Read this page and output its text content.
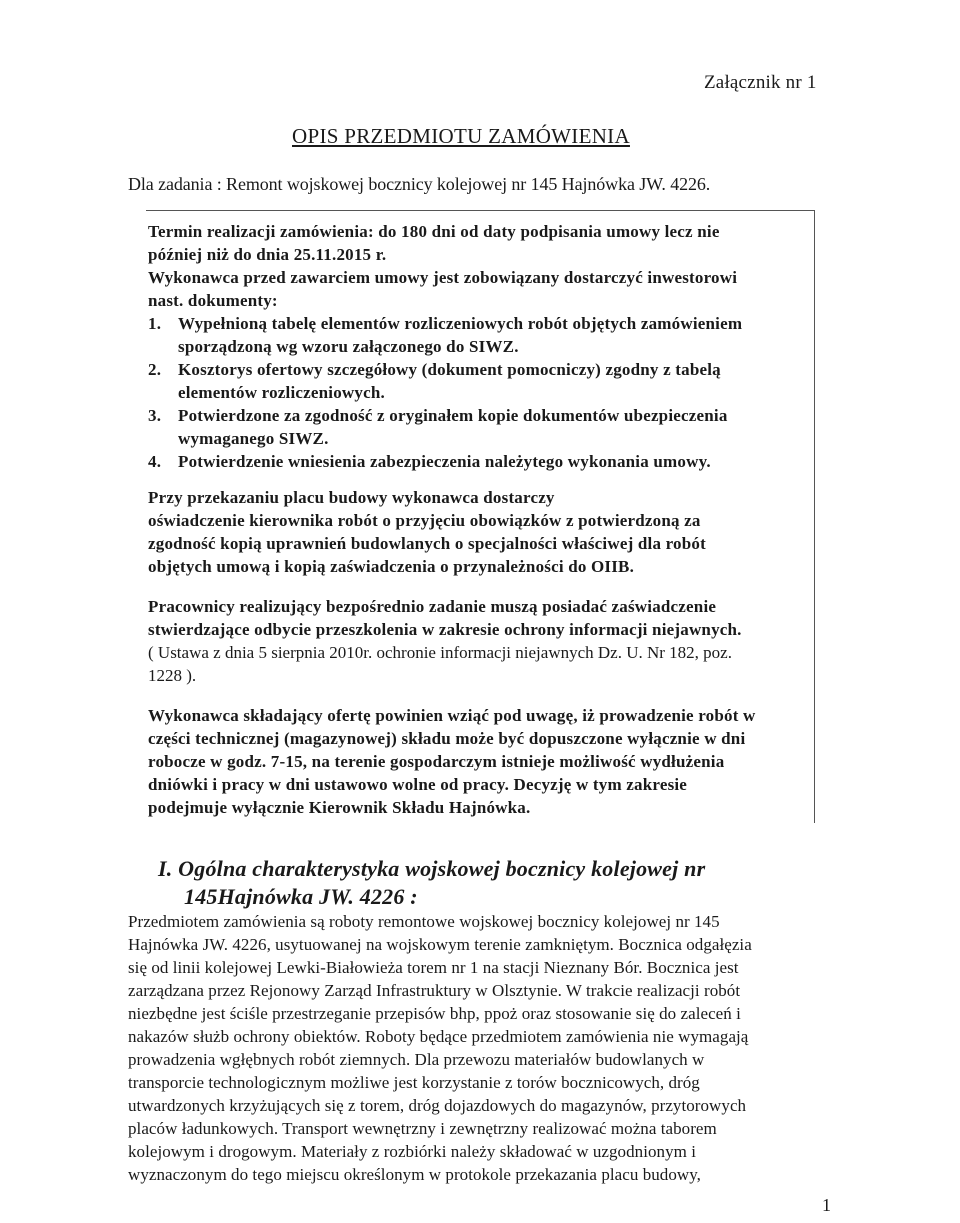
Załącznik nr 1
OPIS PRZEDMIOTU ZAMÓWIENIA
Dla zadania : Remont wojskowej bocznicy kolejowej nr 145 Hajnówka JW. 4226.
Termin realizacji zamówienia: do 180 dni od daty podpisania umowy lecz nie
później niż do dnia 25.11.2015 r.
Wykonawca przed zawarciem umowy jest zobowiązany dostarczyć inwestorowi
nast. dokumenty:
1. Wypełnioną tabelę elementów rozliczeniowych robót objętych zamówieniem
sporządzoną wg wzoru załączonego do SIWZ.
2. Kosztorys ofertowy szczegółowy (dokument pomocniczy) zgodny z tabelą
elementów rozliczeniowych.
3. Potwierdzone za zgodność z oryginałem kopie dokumentów ubezpieczenia
wymaganego SIWZ.
4. Potwierdzenie wniesienia zabezpieczenia należytego wykonania umowy.
Przy przekazaniu placu budowy wykonawca dostarczy
oświadczenie kierownika robót o przyjęciu obowiązków z potwierdzoną za
zgodność kopią uprawnień budowlanych o specjalności właściwej dla robót
objętych umową i kopią zaświadczenia o przynależności do OIIB.
Pracownicy realizujący bezpośrednio zadanie muszą posiadać zaświadczenie
stwierdzające odbycie przeszkolenia w zakresie ochrony informacji niejawnych.
( Ustawa z dnia 5 sierpnia 2010r. ochronie informacji niejawnych Dz. U. Nr 182, poz.
1228 ).
Wykonawca składający ofertę powinien wziąć pod uwagę, iż prowadzenie robót w
części technicznej (magazynowej) składu może być dopuszczone wyłącznie w dni
robocze w godz. 7-15, na terenie gospodarczym istnieje możliwość wydłużenia
dniówki i pracy w dni ustawowo wolne od pracy. Decyzję w tym zakresie
podejmuje wyłącznie Kierownik Składu Hajnówka.
I. Ogólna charakterystyka wojskowej bocznicy kolejowej nr
145Hajnówka JW. 4226 :
Przedmiotem zamówienia są roboty remontowe wojskowej bocznicy kolejowej nr 145
Hajnówka JW. 4226, usytuowanej na wojskowym terenie zamkniętym. Bocznica odgałęzia
się od linii kolejowej Lewki-Białowieża torem nr 1 na stacji Nieznany Bór. Bocznica jest
zarządzana przez Rejonowy Zarząd Infrastruktury w Olsztynie. W trakcie realizacji robót
niezbędne jest ściśle przestrzeganie przepisów bhp, ppoż oraz stosowanie się do zaleceń i
nakazów służb ochrony obiektów. Roboty będące przedmiotem zamówienia nie wymagają
prowadzenia wgłębnych robót ziemnych. Dla przewozu materiałów budowlanych w
transporcie technologicznym możliwe jest korzystanie z torów bocznicowych, dróg
utwardzonych krzyżujących się z torem, dróg dojazdowych do magazynów, przytorowych
placów ładunkowych. Transport wewnętrzny i zewnętrzny realizować można taborem
kolejowym i drogowym. Materiały z rozbiórki należy składować w uzgodnionym i
wyznaczonym do tego miejscu określonym w protokole przekazania placu budowy,
1
